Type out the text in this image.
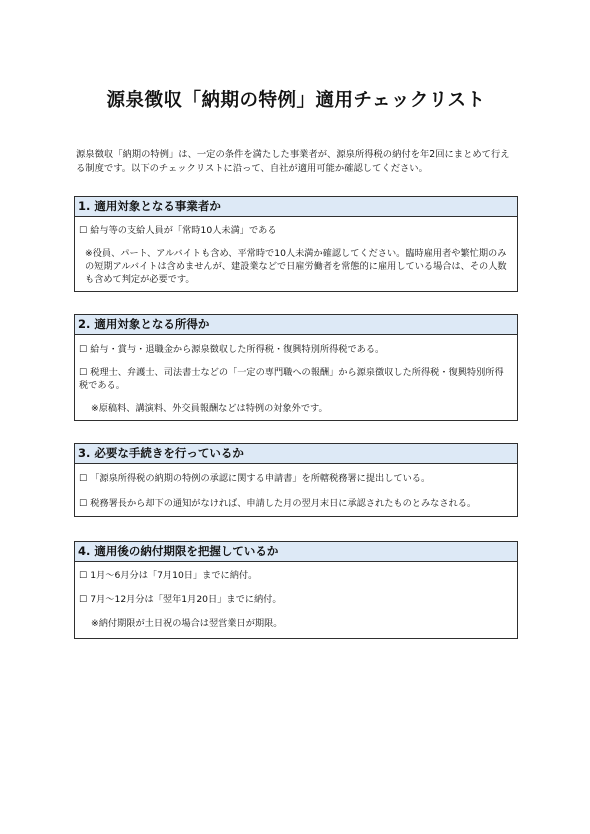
源泉徴収「納期の特例」適用チェックリスト

源泉徴収「納期の特例」は、一定の条件を満たした事業者が、源泉所得税の納付を年2回にまとめて行える制度です。以下のチェックリストに沿って、自社が適用可能か確認してください。

1. 適用対象となる事業者か
☐ 給与等の支給人員が「常時10人未満」である

※役員、パート、アルバイトも含め、平常時で10人未満か確認してください。臨時雇用者や繁忙期のみの短期アルバイトは含めませんが、建設業などで日雇労働者を常態的に雇用している場合は、その人数も含めて判定が必要です。

2. 適用対象となる所得か
☐ 給与・賞与・退職金から源泉徴収した所得税・復興特別所得税である。
☐ 税理士、弁護士、司法書士などの「一定の専門職への報酬」から源泉徴収した所得税・復興特別所得税である。

※原稿料、講演料、外交員報酬などは特例の対象外です。

3. 必要な手続きを行っているか
☐ 「源泉所得税の納期の特例の承認に関する申請書」を所轄税務署に提出している。
☐ 税務署長から却下の通知がなければ、申請した月の翌月末日に承認されたものとみなされる。
4. 適用後の納付期限を把握しているか
☐ 1月～6月分は「7月10日」までに納付。
☐ 7月～12月分は「翌年1月20日」までに納付。

※納付期限が土日祝の場合は翌営業日が期限。
